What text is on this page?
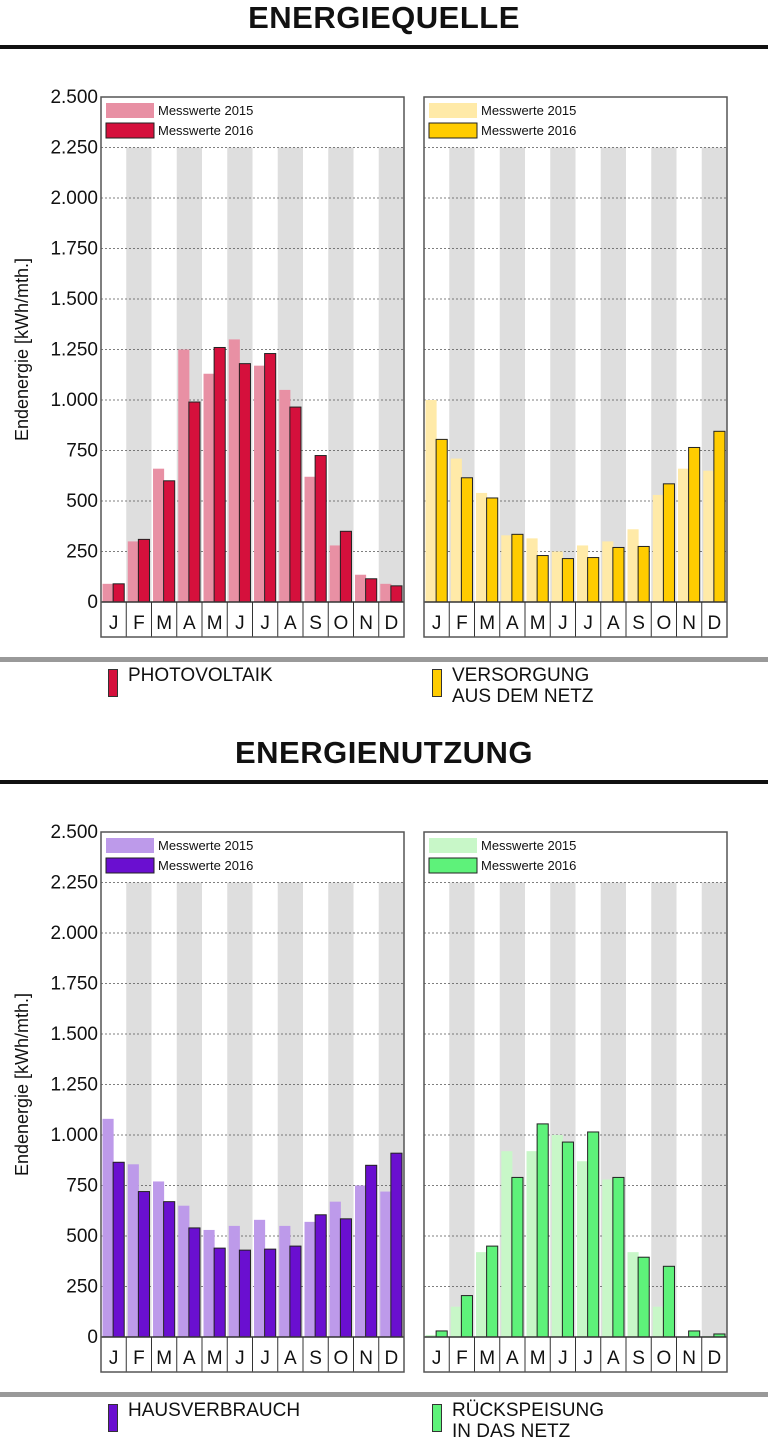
ENERGIEQUELLE
J F M A M J J A S O N D
Messwerte 2015
Messwerte 2016
0
250
500
750
1.000
1.250
1.500
1.750
2.000
2.250
2.500
Endenergie [kWh/mth.]
J F M A M J J A S O N D
Messwerte 2015
Messwerte 2016
J F M A M J J A S O N D
Messwerte 2015
Messwerte 2016
0
250
500
750
1.000
1.250
1.500
1.750
2.000
2.250
2.500
Endenergie [kWh/mth.]
J F M A M J J A S O N D
Messwerte 2015
Messwerte 2016
PHOTOVOLTAIK	VERSORGUNG
AUS DEM NETZ
ENERGIENUTZUNG
HAUSVERBRAUCH	RÜCKSPEISUNG
IN DAS NETZ
